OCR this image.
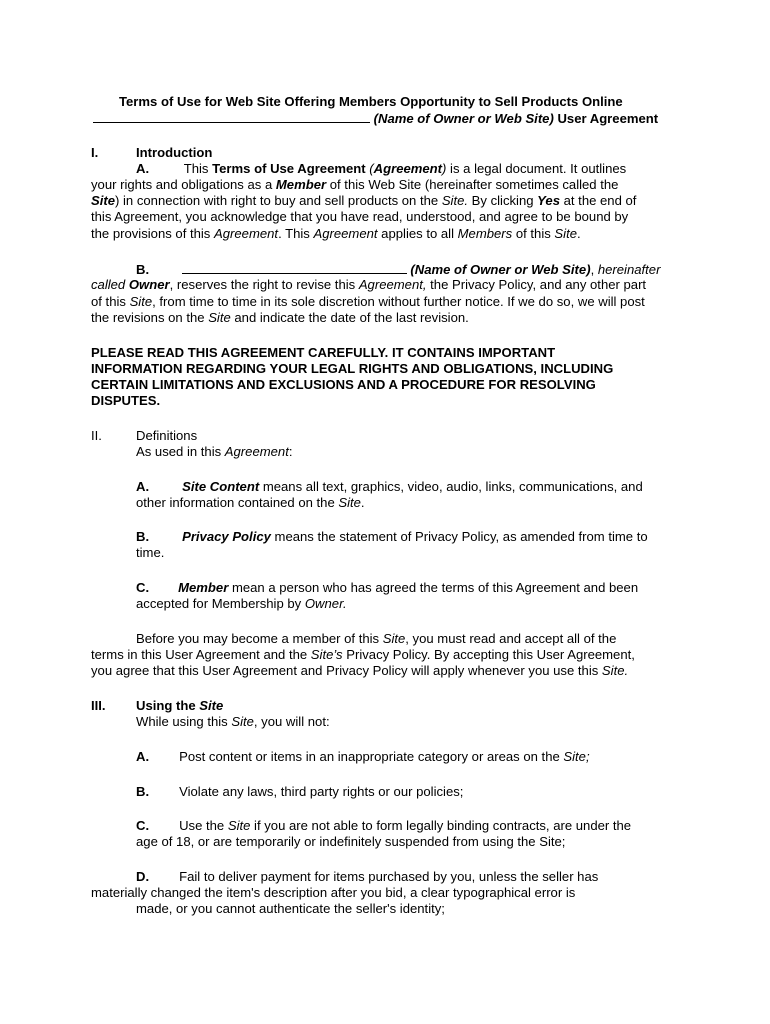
Terms of Use for Web Site Offering Members Opportunity to Sell Products Online
(Name of Owner or Web Site) User Agreement
I.	Introduction
A.	This Terms of Use Agreement (Agreement) is a legal document. It outlines
your rights and obligations as a Member of this Web Site (hereinafter sometimes called the
Site) in connection with right to buy and sell products on the Site. By clicking Yes at the end of
this Agreement, you acknowledge that you have read, understood, and agree to be bound by
the provisions of this Agreement. This Agreement applies to all Members of this Site.
B.	(Name of Owner or Web Site), hereinafter
called Owner, reserves the right to revise this Agreement, the Privacy Policy, and any other part
of this Site, from time to time in its sole discretion without further notice. If we do so, we will post
the revisions on the Site and indicate the date of the last revision.
PLEASE READ THIS AGREEMENT CAREFULLY. IT CONTAINS IMPORTANT
INFORMATION REGARDING YOUR LEGAL RIGHTS AND OBLIGATIONS, INCLUDING
CERTAIN LIMITATIONS AND EXCLUSIONS AND A PROCEDURE FOR RESOLVING
DISPUTES.
II.	Definitions
As used in this Agreement:
A.	Site Content means all text, graphics, video, audio, links, communications, and
other information contained on the Site.
B.	Privacy Policy means the statement of Privacy Policy, as amended from time to
time.
C. Member mean a person who has agreed the terms of this Agreement and been
accepted for Membership by Owner.
Before you may become a member of this Site, you must read and accept all of the
terms in this User Agreement and the Site’s Privacy Policy. By accepting this User Agreement,
you agree that this User Agreement and Privacy Policy will apply whenever you use this Site.
III. Using the Site
While using this Site, you will not:
A. Post content or items in an inappropriate category or areas on the Site;
B. Violate any laws, third party rights or our policies;
C. Use the Site if you are not able to form legally binding contracts, are under the
age of 18, or are temporarily or indefinitely suspended from using the Site;
D. Fail to deliver payment for items purchased by you, unless the seller has
materially changed the item's description after you bid, a clear typographical error is
made, or you cannot authenticate the seller's identity;
